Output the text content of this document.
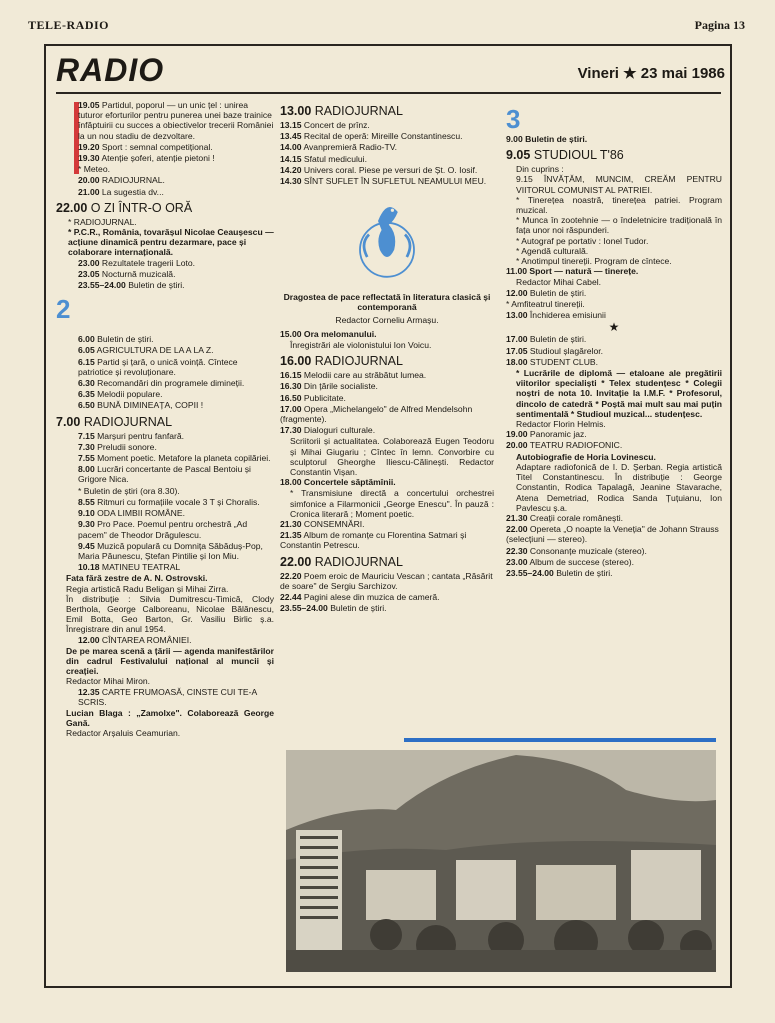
TELE-RADIO	Pagina 13
RADIO	Vineri ★ 23 mai 1986
19.05 Partidul, poporul — un unic țel : unirea tuturor eforturilor pentru punerea unei baze trainice înfăptuirii cu succes a obiectivelor trecerii României la un nou stadiu de dezvoltare.
19.20 Sport : semnal competițional.
19.30 Atenție șoferi, atenție pietoni !
* Meteo.
20.00 RADIOJURNAL.
21.00 La sugestia dv...
22.00 O ZI ÎNTR-O ORĂ
* RADIOJURNAL.
* P.C.R., România, tovarășul Nicolae Ceaușescu — acțiune dinamică pentru dezarmare, pace și colaborare internațională.
23.00 Rezultatele tragerii Loto.
23.05 Nocturnă muzicală.
23.55–24.00 Buletin de știri.
2
6.00 Buletin de știri.
6.05 AGRICULTURA DE LA A LA Z.
6.15 Partid și țară, o unică voință. Cîntece patriotice și revoluționare.
6.30 Recomandări din programele dimineții.
6.35 Melodii populare.
6.50 BUNĂ DIMINEAȚA, COPII !
7.00 RADIOJURNAL
7.15 Marșuri pentru fanfară.
7.30 Preludii sonore.
7.55 Moment poetic. Metafore la planeta copilăriei.
8.00 Lucrări concertante de Pascal Bentoiu și Grigore Nica.
* Buletin de știri (ora 8.30).
8.55 Ritmuri cu formațiile vocale 3 T și Choralis.
9.10 ODA LIMBII ROMÂNE.
9.30 Pro Pace. Poemul pentru orchestră „Ad pacem" de Theodor Drăgulescu.
9.45 Muzică populară cu Domnița Săbăduș-Pop, Maria Păunescu, Ștefan Pintilie și Ion Miu.
10.18 MATINEU TEATRAL
Fata fără zestre de A. N. Ostrovski.
Regia artistică Radu Beligan și Mihai Zirra.
În distribuție : Silvia Dumitrescu-Timică, Clody Bertholа, George Calboreanu, Nicolae Bălănescu, Emil Botta, Geo Barton, Gr. Vasiliu Birlic ș.a. Înregistrare din anul 1954.
12.00 CÎNTAREA ROMÂNIEI.
De pe marea scenă a țării — agenda manifestărilor din cadrul Festivalului național al muncii și creației.
Redactor Mihai Miron.
12.35 CARTE FRUMOASĂ, CINSTE CUI TE-A SCRIS.
Lucian Blaga : „Zamolxe". Colaborează George Gană.
Redactor Arșaluis Ceamurian.
13.00 RADIOJURNAL
13.15 Concert de prînz.
13.45 Recital de operă: Mireille Constantinescu.
14.00 Avanpremieră Radio-TV.
14.15 Sfatul medicului.
14.20 Univers coral. Piese pe versuri de Șt. O. Iosif.
14.30 SÎNT SUFLET ÎN SUFLETUL NEAMULUI MEU.
Dragostea de pace reflectată în literatura clasică și contemporană
Redactor Corneliu Armașu.
15.00 Ora melomanului.
Înregistrări ale violonistului Ion Voicu.
16.00 RADIOJURNAL
16.15 Melodii care au străbătut lumea.
16.30 Din țările socialiste.
16.50 Publicitate.
17.00 Opera „Michelangelo" de Alfred Mendelsohn (fragmente).
17.30 Dialoguri culturale.
Scriitorii și actualitatea. Colaborează Eugen Teodoru și Mihai Giugariu ; Cîntec în lemn. Convorbire cu sculptorul Gheorghe Iliescu-Călinești. Redactor Constantin Vișan.
18.00 Concertele săptămînii.
* Transmisiune directă a concertului orchestrei simfonice a Filarmonicii „George Enescu". În pauză : Cronica literară ; Moment poetic.
21.30 CONSEMNĂRI.
21.35 Album de romanțe cu Florentina Satmari și Constantin Petrescu.
22.00 RADIOJURNAL
22.20 Poem eroic de Mauriciu Vescan ; cantata „Răsărit de soare" de Sergiu Sarchizov.
22.44 Pagini alese din muzica de cameră.
23.55–24.00 Buletin de știri.
3
9.00 Buletin de știri.
9.05 STUDIOUL T'86
Din cuprins :
9.15 ÎNVĂȚĂM, MUNCIM, CREĂM PENTRU VIITORUL COMUNIST AL PATRIEI.
* Tinerețea noastră, tinerețea patriei. Program muzical.
* Munca în zootehnie — o îndeletnicire tradițională în fața unor noi răspunderi.
* Autograf pe portativ : Ionel Tudor.
* Agendă culturală.
* Anotimpul tinereții. Program de cîntece.
11.00 Sport — natură — tinerețe.
Redactor Mihai Cabel.
12.00 Buletin de știri.
* Amfiteatrul tinereții.
13.00 Închiderea emisiunii
★
17.00 Buletin de știri.
17.05 Studioul șlagărelor.
18.00 STUDENT CLUB.
* Lucrările de diplomă — etaloane ale pregătirii viitorilor specialiști * Telex studențesc * Colegii noștri de nota 10. Invitație la I.M.F. * Profesorul, dincolo de catedră * Poștă mai mult sau mai puțin sentimentală * Studioul muzical... studențesc.
Redactor Florin Helmis.
19.00 Panoramic jaz.
20.00 TEATRU RADIOFONIC.
Autobiografie de Horia Lovinescu.
Adaptare radiofonică de I. D. Șerban. Regia artistică Titel Constantinescu. În distribuție : George Constantin, Rodica Tapalagă, Jeanine Stavarache, Atena Demetriad, Rodica Sanda Țuțuianu, Ion Pavlescu ș.a.
21.30 Creații corale românești.
22.00 Opereta „O noapte la Veneția" de Johann Strauss (selecțiuni — stereo).
22.30 Consonanțe muzicale (stereo).
23.00 Album de succese (stereo).
23.55–24.00 Buletin de știri.
